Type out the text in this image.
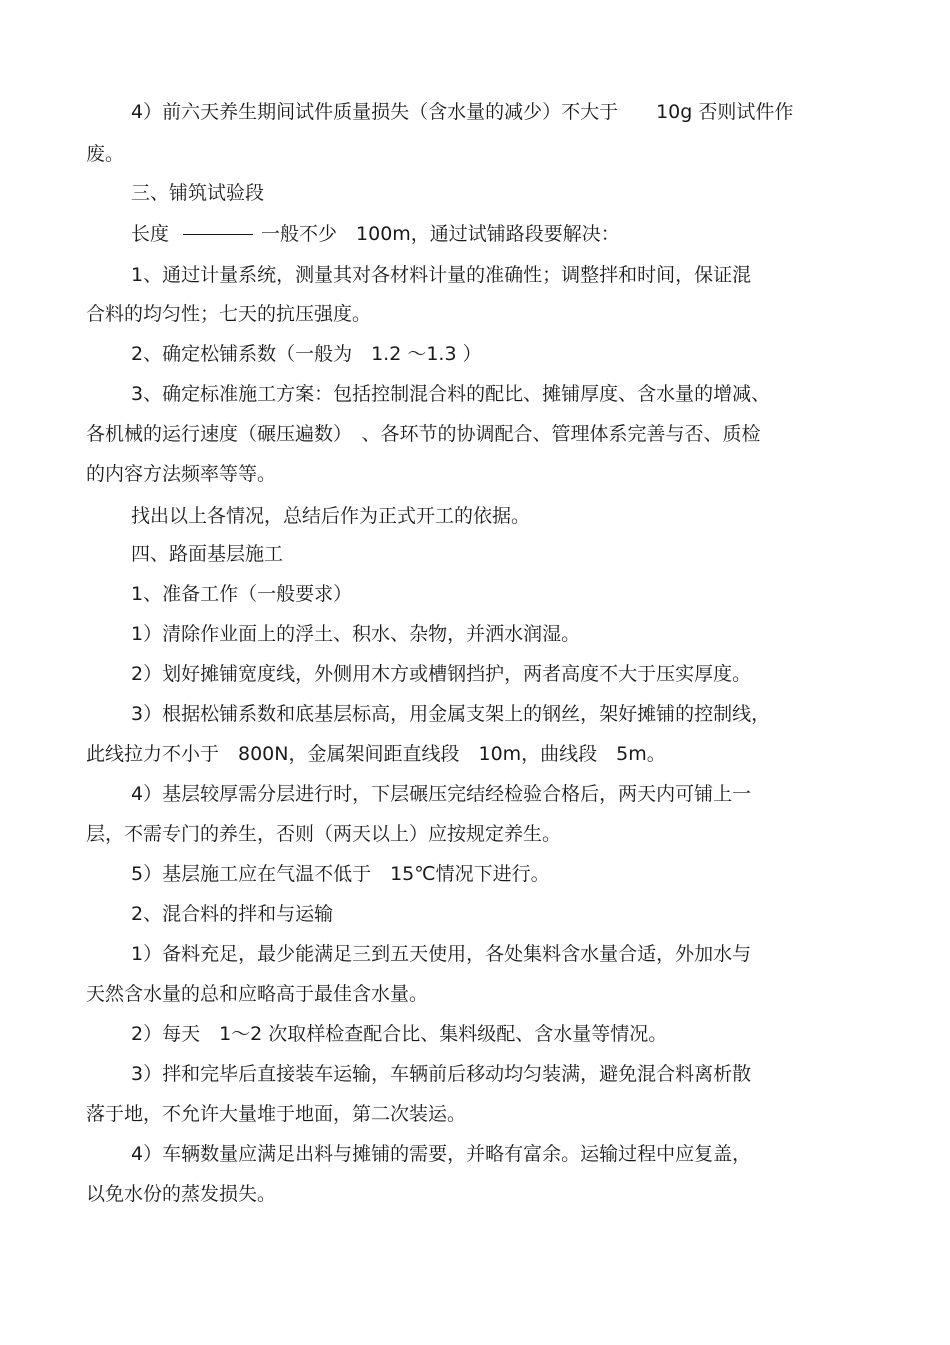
4）前六天养生期间试件质量损失（含水量的减少）不大于　　10g 否则试件作

废。

三、铺筑试验段

长度	一般不少　100m，通过试铺路段要解决：

1、通过计量系统，测量其对各材料计量的准确性；调整拌和时间，保证混

合料的均匀性；七天的抗压强度。

2、确定松铺系数（一般为　1.2 ～1.3 ）

3、确定标准施工方案：包括控制混合料的配比、摊铺厚度、含水量的增减、

各机械的运行速度（碾压遍数）　、各环节的协调配合、管理体系完善与否、质检

的内容方法频率等等。

找出以上各情况，总结后作为正式开工的依据。

四、路面基层施工

1、准备工作（一般要求）

1）清除作业面上的浮土、积水、杂物，并洒水润湿。

2）划好摊铺宽度线，外侧用木方或槽钢挡护，两者高度不大于压实厚度。

3）根据松铺系数和底基层标高，用金属支架上的钢丝，架好摊铺的控制线，

此线拉力不小于　800N，金属架间距直线段　10m，曲线段　5m。

4）基层较厚需分层进行时，下层碾压完结经检验合格后，两天内可铺上一

层，不需专门的养生，否则（两天以上）应按规定养生。

5）基层施工应在气温不低于　15℃情况下进行。

2、混合料的拌和与运输

1）备料充足，最少能满足三到五天使用，各处集料含水量合适，外加水与

天然含水量的总和应略高于最佳含水量。

2）每天　1～2 次取样检查配合比、集料级配、含水量等情况。

3）拌和完毕后直接装车运输，车辆前后移动均匀装满，避免混合料离析散

落于地，不允许大量堆于地面，第二次装运。

4）车辆数量应满足出料与摊铺的需要，并略有富余。运输过程中应复盖，

以免水份的蒸发损失。
